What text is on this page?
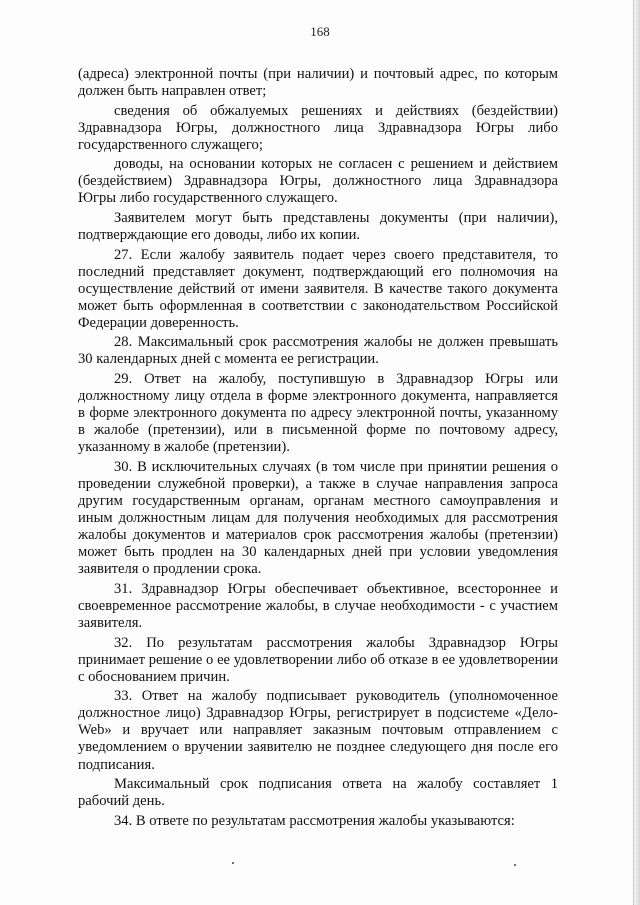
168

(адреса) электронной почты (при наличии) и почтовый адрес, по которым должен быть направлен ответ;

сведения об обжалуемых решениях и действиях (бездействии) Здравнадзора Югры, должностного лица Здравнадзора Югры либо государственного служащего;

доводы, на основании которых не согласен с решением и действием (бездействием) Здравнадзора Югры, должностного лица Здравнадзора Югры либо государственного служащего.

Заявителем могут быть представлены документы (при наличии), подтверждающие его доводы, либо их копии.

27. Если жалобу заявитель подает через своего представителя, то последний представляет документ, подтверждающий его полномочия на осуществление действий от имени заявителя. В качестве такого документа может быть оформленная в соответствии с законодательством Российской Федерации доверенность.

28. Максимальный срок рассмотрения жалобы не должен превышать 30 календарных дней с момента ее регистрации.

29. Ответ на жалобу, поступившую в Здравнадзор Югры или должностному лицу отдела в форме электронного документа, направляется в форме электронного документа по адресу электронной почты, указанному в жалобе (претензии), или в письменной форме по почтовому адресу, указанному в жалобе (претензии).

30. В исключительных случаях (в том числе при принятии решения о проведении служебной проверки), а также в случае направления запроса другим государственным органам, органам местного самоуправления и иным должностным лицам для получения необходимых для рассмотрения жалобы документов и материалов срок рассмотрения жалобы (претензии) может быть продлен на 30 календарных дней при условии уведомления заявителя о продлении срока.

31. Здравнадзор Югры обеспечивает объективное, всестороннее и своевременное рассмотрение жалобы, в случае необходимости - с участием заявителя.

32. По результатам рассмотрения жалобы Здравнадзор Югры принимает решение о ее удовлетворении либо об отказе в ее удовлетворении с обоснованием причин.

33. Ответ на жалобу подписывает руководитель (уполномоченное должностное лицо) Здравнадзор Югры, регистрирует в подсистеме «Дело-Web» и вручает или направляет заказным почтовым отправлением с уведомлением о вручении заявителю не позднее следующего дня после его подписания.

Максимальный срок подписания ответа на жалобу составляет 1 рабочий день.

34. В ответе по результатам рассмотрения жалобы указываются:
